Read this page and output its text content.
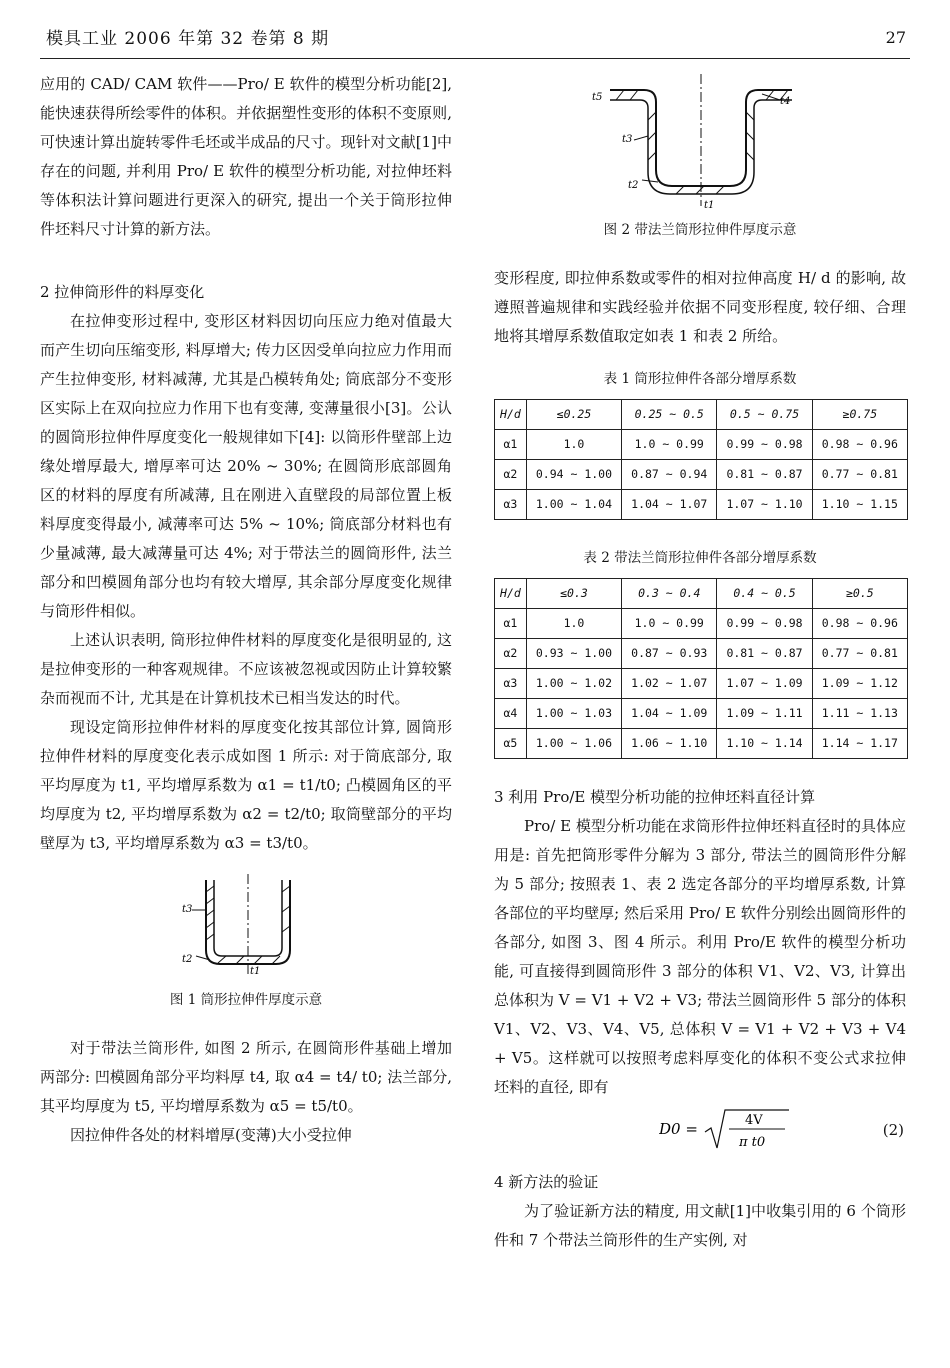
模具工业 2006 年第 32 卷第 8 期	27

应用的 CAD/ CAM 软件——Pro/ E 软件的模型分析功能[2], 能快速获得所绘零件的体积。并依据塑性变形的体积不变原则, 可快速计算出旋转零件毛坯或半成品的尺寸。现针对文献[1]中存在的问题, 并利用 Pro/ E 软件的模型分析功能, 对拉伸坯料等体积法计算问题进行更深入的研究, 提出一个关于筒形拉伸件坯料尺寸计算的新方法。

2 拉伸筒形件的料厚变化

在拉伸变形过程中, 变形区材料因切向压应力绝对值最大而产生切向压缩变形, 料厚增大; 传力区因受单向拉应力作用而产生拉伸变形, 材料减薄, 尤其是凸模转角处; 筒底部分不变形区实际上在双向拉应力作用下也有变薄, 变薄量很小[3]。公认的圆筒形拉伸件厚度变化一般规律如下[4]: 以筒形件壁部上边缘处增厚最大, 增厚率可达 20% ~ 30%; 在圆筒形底部圆角区的材料的厚度有所减薄, 且在刚进入直壁段的局部位置上板料厚度变得最小, 减薄率可达 5% ~ 10%; 筒底部分材料也有少量减薄, 最大减薄量可达 4%; 对于带法兰的圆筒形件, 法兰部分和凹模圆角部分也均有较大增厚, 其余部分厚度变化规律与筒形件相似。

上述认识表明, 筒形拉伸件材料的厚度变化是很明显的, 这是拉伸变形的一种客观规律。不应该被忽视或因防止计算较繁杂而视而不计, 尤其是在计算机技术已相当发达的时代。

现设定筒形拉伸件材料的厚度变化按其部位计算, 圆筒形拉伸件材料的厚度变化表示成如图 1 所示: 对于筒底部分, 取平均厚度为 t1, 平均增厚系数为 α1 = t1/t0; 凸模圆角区的平均厚度为 t2, 平均增厚系数为 α2 = t2/t0; 取筒壁部分的平均壁厚为 t3, 平均增厚系数为 α3 = t3/t0。

t3
t2
t1

图 1 筒形拉伸件厚度示意

对于带法兰筒形件, 如图 2 所示, 在圆筒形件基础上增加两部分: 凹模圆角部分平均料厚 t4, 取 α4 = t4/ t0; 法兰部分, 其平均厚度为 t5, 平均增厚系数为 α5 = t5/t0。

因拉伸件各处的材料增厚(变薄)大小受拉伸

t5	t4
t3
t2
t1

图 2 带法兰筒形拉伸件厚度示意

变形程度, 即拉伸系数或零件的相对拉伸高度 H/ d 的影响, 故遵照普遍规律和实践经验并依据不同变形程度, 较仔细、合理地将其增厚系数值取定如表 1 和表 2 所给。

表 1 筒形拉伸件各部分增厚系数

H/d	≤0.25	0.25 ~ 0.5	0.5 ~ 0.75	≥0.75
α1	1.0	1.0 ~ 0.99	0.99 ~ 0.98	0.98 ~ 0.96
α2	0.94 ~ 1.00	0.87 ~ 0.94	0.81 ~ 0.87	0.77 ~ 0.81
α3	1.00 ~ 1.04	1.04 ~ 1.07	1.07 ~ 1.10	1.10 ~ 1.15

表 2 带法兰筒形拉伸件各部分增厚系数

H/d	≤0.3	0.3 ~ 0.4	0.4 ~ 0.5	≥0.5
α1	1.0	1.0 ~ 0.99	0.99 ~ 0.98	0.98 ~ 0.96
α2	0.93 ~ 1.00	0.87 ~ 0.93	0.81 ~ 0.87	0.77 ~ 0.81
α3	1.00 ~ 1.02	1.02 ~ 1.07	1.07 ~ 1.09	1.09 ~ 1.12
α4	1.00 ~ 1.03	1.04 ~ 1.09	1.09 ~ 1.11	1.11 ~ 1.13
α5	1.00 ~ 1.06	1.06 ~ 1.10	1.10 ~ 1.14	1.14 ~ 1.17
3 利用 Pro/E 模型分析功能的拉伸坯料直径计算

Pro/ E 模型分析功能在求筒形件拉伸坯料直径时的具体应用是: 首先把筒形零件分解为 3 部分, 带法兰的圆筒形件分解为 5 部分; 按照表 1、表 2 选定各部分的平均增厚系数, 计算各部位的平均壁厚; 然后采用 Pro/ E 软件分别绘出圆筒形件的各部分, 如图 3、图 4 所示。利用 Pro/E 软件的模型分析功能, 可直接得到圆筒形件 3 部分的体积 V1、V2、V3, 计算出总体积为 V = V1 + V2 + V3; 带法兰圆筒形件 5 部分的体积 V1、V2、V3、V4、V5, 总体积 V = V1 + V2 + V3 + V4 + V5。这样就可以按照考虑料厚变化的体积不变公式求拉伸坯料的直径, 即有

D0 =	4V
π t0
(2)
4 新方法的验证

为了验证新方法的精度, 用文献[1]中收集引用的 6 个筒形件和 7 个带法兰筒形件的生产实例, 对
